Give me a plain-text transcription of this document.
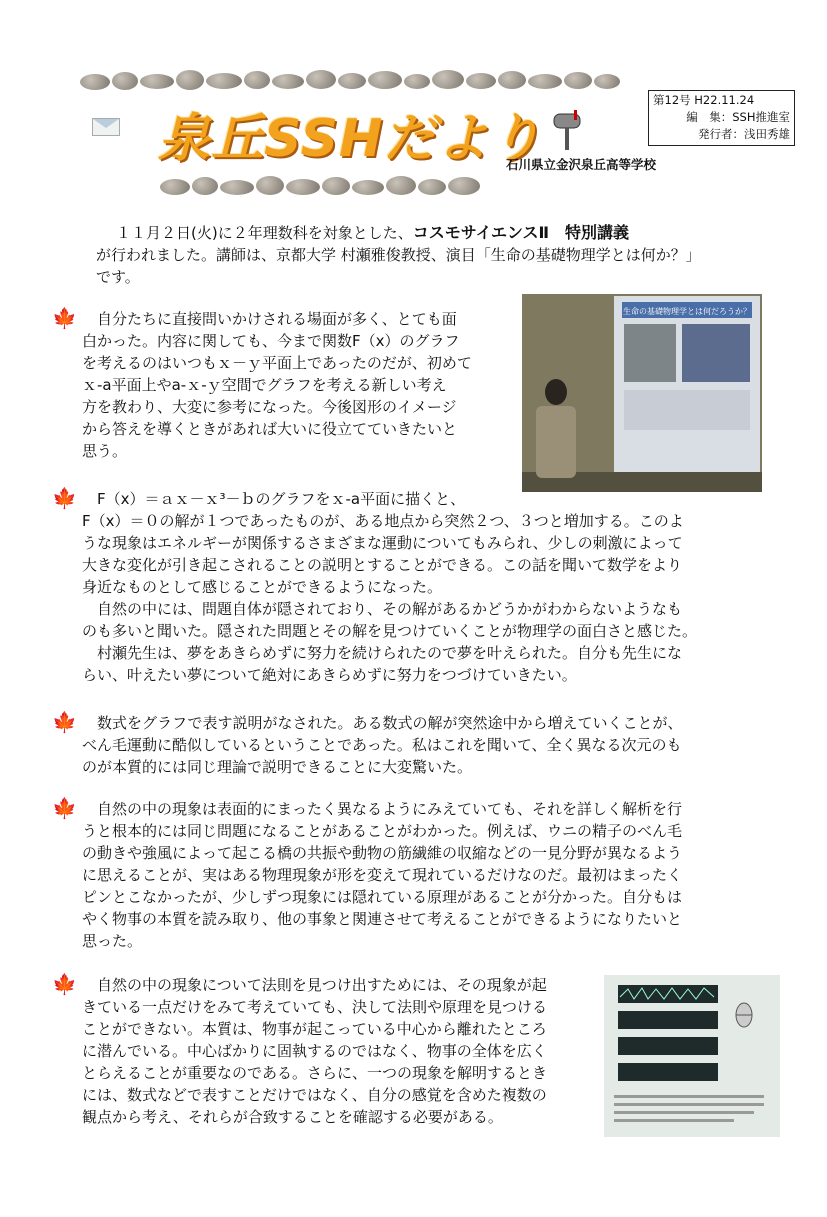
泉丘SSHだより
第12号 H22.11.24
編　集：SSH推進室
発行者：浅田秀雄
石川県立金沢泉丘高等学校
１１月２日(火)に２年理数科を対象とした、コスモサイエンスⅡ　特別講義
が行われました。講師は、京都大学 村瀬雅俊教授、演目「生命の基礎物理学とは何か？」
です。
生命の基礎物理学とは何だろうか？
🍁	自分たちに直接問いかけされる場面が多く、とても面
白かった。内容に関しても、今まで関数F（x）のグラフ
を考えるのはいつもｘ－ｙ平面上であったのだが、初めて
ｘ-a平面上やa-ｘ-ｙ空間でグラフを考える新しい考え
方を教わり、大変に参考になった。今後図形のイメージ
から答えを導くときがあれば大いに役立てていきたいと
思う。
🍁	F（x）＝ａｘ－ｘ³－ｂのグラフをｘ-a平面に描くと、
F（x）＝０の解が１つであったものが、ある地点から突然２つ、３つと増加する。このよ
うな現象はエネルギーが関係するさまざまな運動についてもみられ、少しの刺激によって
大きな変化が引き起こされることの説明とすることができる。この話を聞いて数学をより
身近なものとして感じることができるようになった。
自然の中には、問題自体が隠されており、その解があるかどうかがわからないようなも
のも多いと聞いた。隠された問題とその解を見つけていくことが物理学の面白さと感じた。
村瀬先生は、夢をあきらめずに努力を続けられたので夢を叶えられた。自分も先生にな
らい、叶えたい夢について絶対にあきらめずに努力をつづけていきたい。
🍁	数式をグラフで表す説明がなされた。ある数式の解が突然途中から増えていくことが、
べん毛運動に酷似しているということであった。私はこれを聞いて、全く異なる次元のも
のが本質的には同じ理論で説明できることに大変驚いた。
🍁	自然の中の現象は表面的にまったく異なるようにみえていても、それを詳しく解析を行
うと根本的には同じ問題になることがあることがわかった。例えば、ウニの精子のべん毛
の動きや強風によって起こる橋の共振や動物の筋繊維の収縮などの一見分野が異なるよう
に思えることが、実はある物理現象が形を変えて現れているだけなのだ。最初はまったく
ピンとこなかったが、少しずつ現象には隠れている原理があることが分かった。自分もは
やく物事の本質を読み取り、他の事象と関連させて考えることができるようになりたいと
思った。
🍁	自然の中の現象について法則を見つけ出すためには、その現象が起
きている一点だけをみて考えていても、決して法則や原理を見つける
ことができない。本質は、物事が起こっている中心から離れたところ
に潜んでいる。中心ばかりに固執するのではなく、物事の全体を広く
とらえることが重要なのである。さらに、一つの現象を解明するとき
には、数式などで表すことだけではなく、自分の感覚を含めた複数の
観点から考え、それらが合致することを確認する必要がある。
